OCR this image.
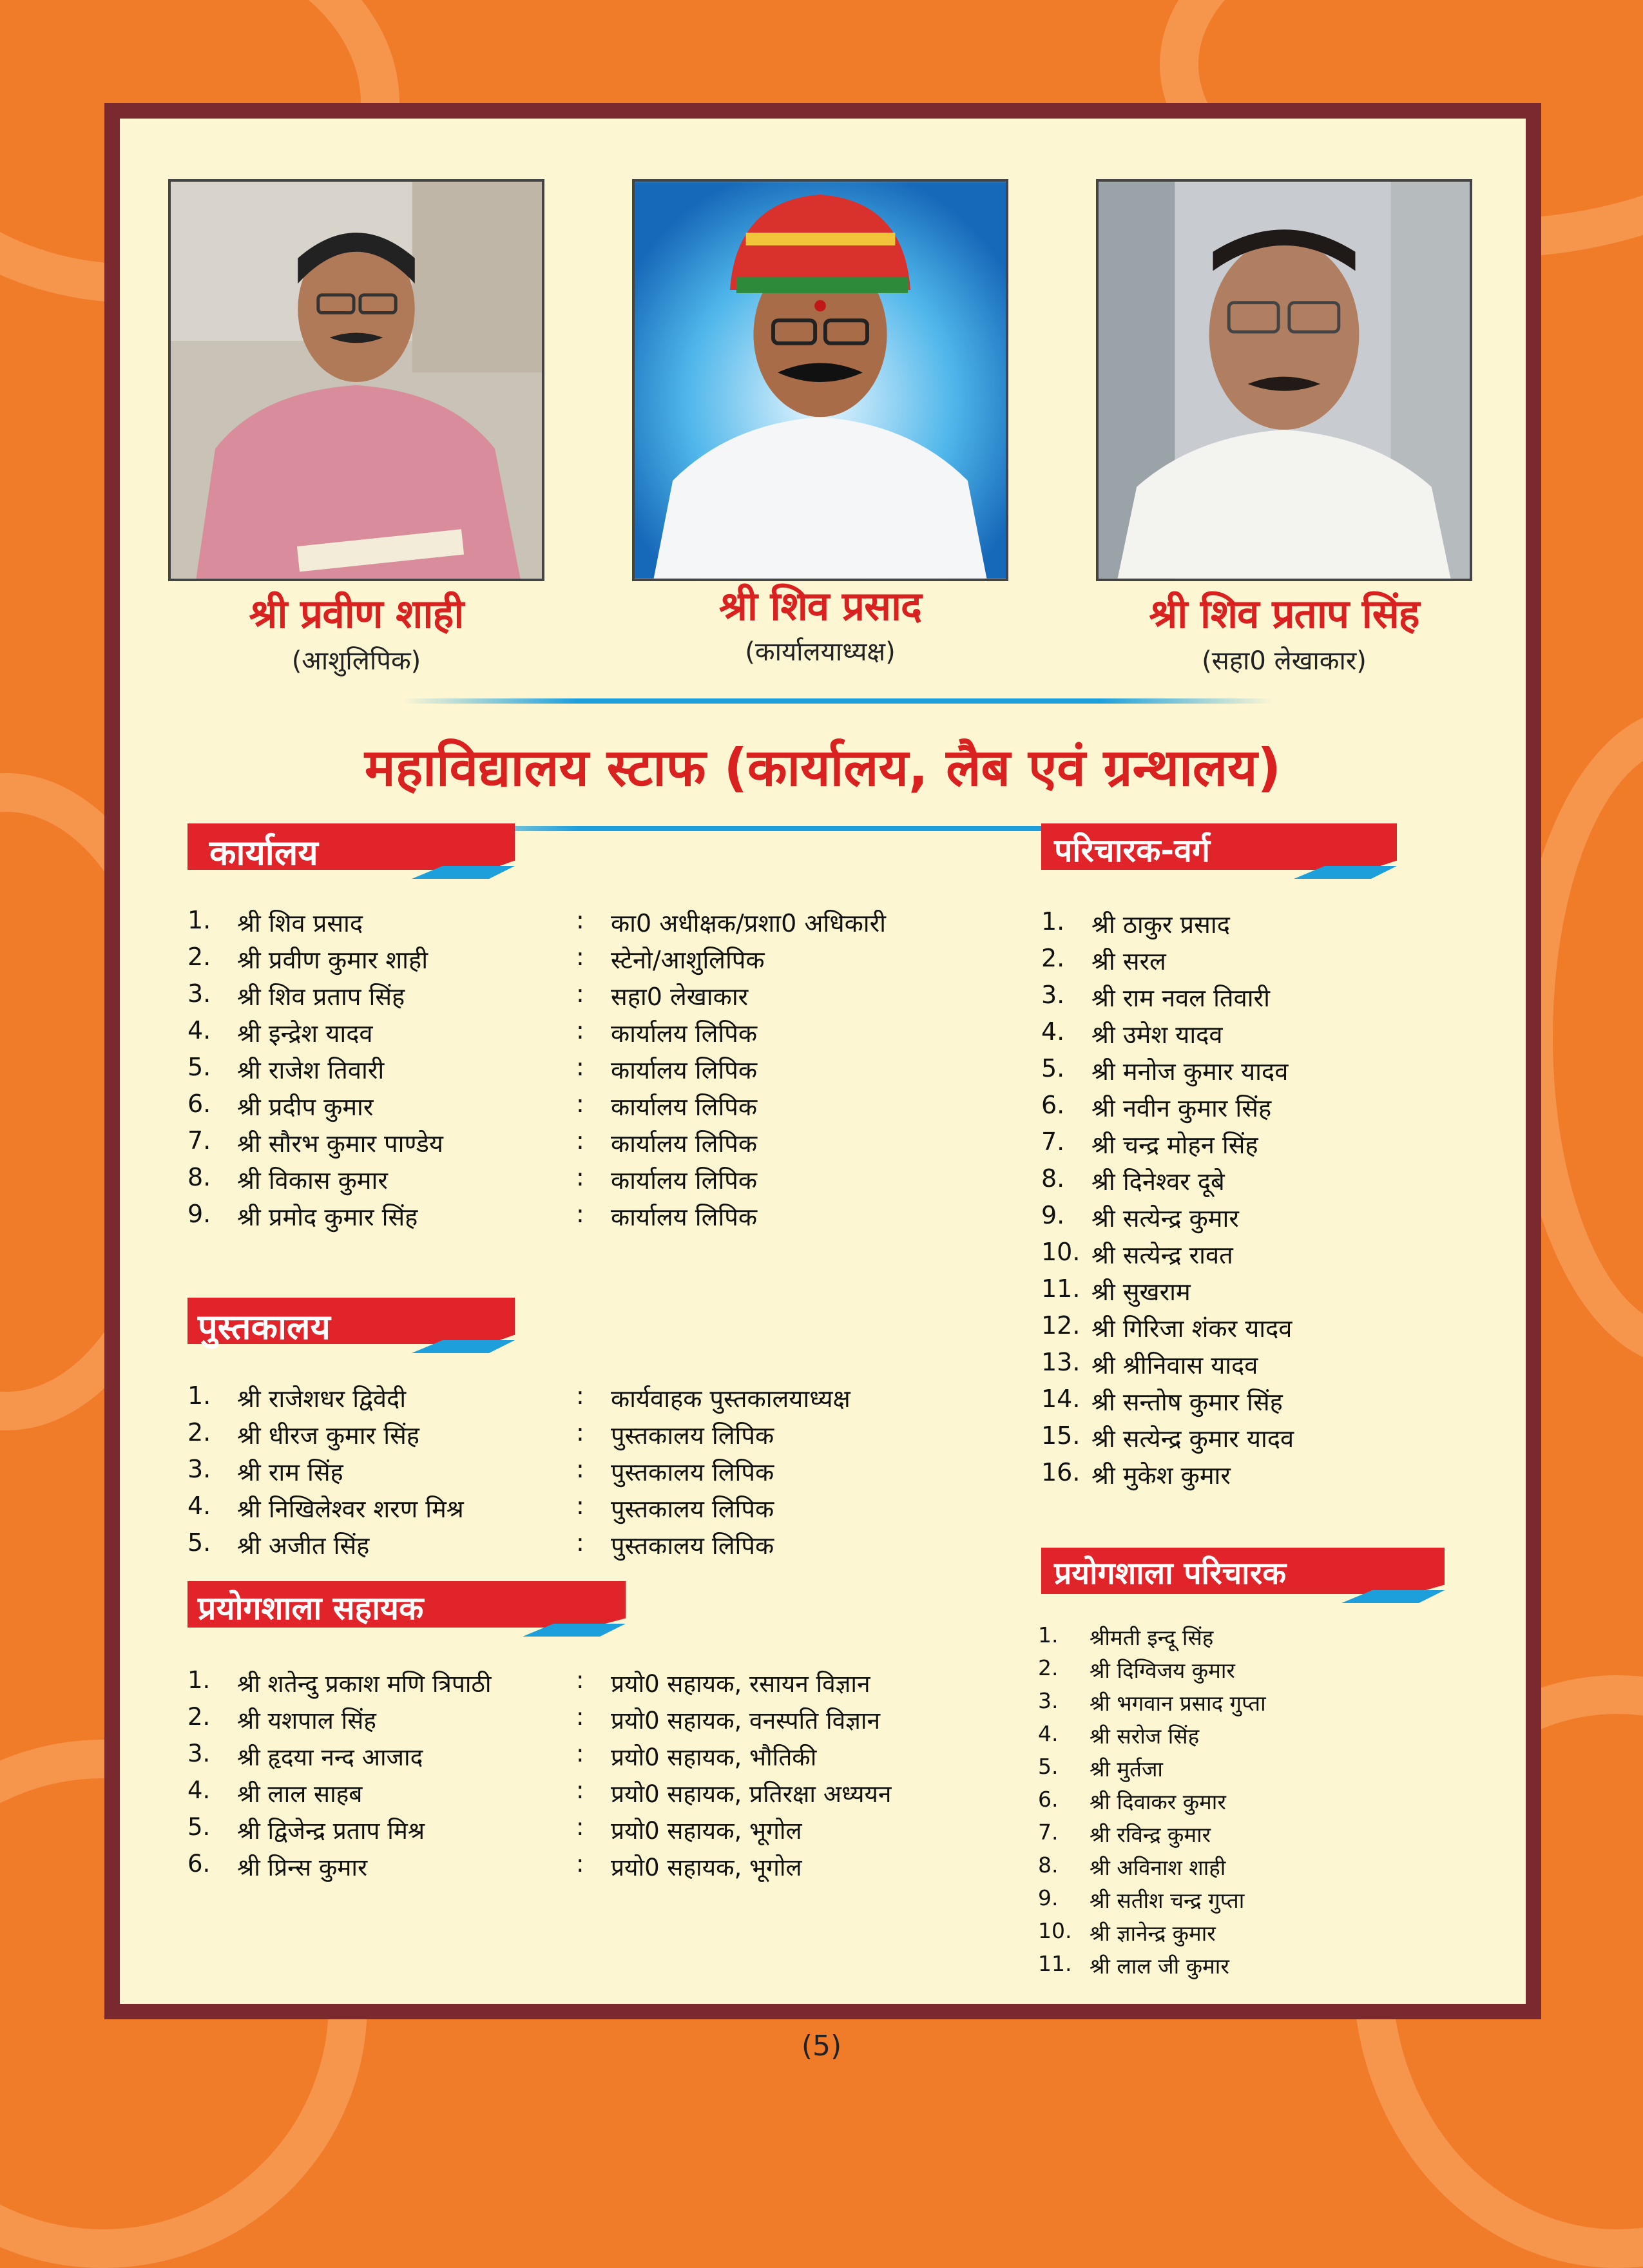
श्री प्रवीण शाही
(आशुलिपिक)
श्री शिव प्रसाद
(कार्यालयाध्यक्ष)
श्री शिव प्रताप सिंह
(सहा0 लेखाकार)
महाविद्यालय स्टाफ (कार्यालय, लैब एवं ग्रन्थालय)
कार्यालय
पुस्तकालय
प्रयोगशाला सहायक
परिचारक-वर्ग
प्रयोगशाला परिचारक
1. श्री शिव प्रसाद	: का0 अधीक्षक/प्रशा0 अधिकारी
2. श्री प्रवीण कुमार शाही	: स्टेनो/आशुलिपिक
3. श्री शिव प्रताप सिंह	: सहा0 लेखाकार
4. श्री इन्द्रेश यादव	: कार्यालय लिपिक
5. श्री राजेश तिवारी	: कार्यालय लिपिक
6. श्री प्रदीप कुमार	: कार्यालय लिपिक
7. श्री सौरभ कुमार पाण्डेय	: कार्यालय लिपिक
8. श्री विकास कुमार	: कार्यालय लिपिक
9. श्री प्रमोद कुमार सिंह	: कार्यालय लिपिक
1. श्री राजेशधर द्विवेदी	: कार्यवाहक पुस्तकालयाध्यक्ष
2. श्री धीरज कुमार सिंह	: पुस्तकालय लिपिक
3. श्री राम सिंह	: पुस्तकालय लिपिक
4. श्री निखिलेश्वर शरण मिश्र	: पुस्तकालय लिपिक
5. श्री अजीत सिंह	: पुस्तकालय लिपिक
1. श्री शतेन्दु प्रकाश मणि त्रिपाठी	: प्रयो0 सहायक, रसायन विज्ञान
2. श्री यशपाल सिंह	: प्रयो0 सहायक, वनस्पति विज्ञान
3. श्री हृदया नन्द आजाद	: प्रयो0 सहायक, भौतिकी
4. श्री लाल साहब	: प्रयो0 सहायक, प्रतिरक्षा अध्ययन
5. श्री द्विजेन्द्र प्रताप मिश्र	: प्रयो0 सहायक, भूगोल
6. श्री प्रिन्स कुमार	: प्रयो0 सहायक, भूगोल
1. श्री ठाकुर प्रसाद
2. श्री सरल
3. श्री राम नवल तिवारी
4. श्री उमेश यादव
5. श्री मनोज कुमार यादव
6. श्री नवीन कुमार सिंह
7. श्री चन्द्र मोहन सिंह
8. श्री दिनेश्वर दूबे
9. श्री सत्येन्द्र कुमार
10. श्री सत्येन्द्र रावत
11. श्री सुखराम
12. श्री गिरिजा शंकर यादव
13. श्री श्रीनिवास यादव
14. श्री सन्तोष कुमार सिंह
15. श्री सत्येन्द्र कुमार यादव
16. श्री मुकेश कुमार
1. श्रीमती इन्दू सिंह
2. श्री दिग्विजय कुमार
3. श्री भगवान प्रसाद गुप्ता
4. श्री सरोज सिंह
5. श्री मुर्तजा
6. श्री दिवाकर कुमार
7. श्री रविन्द्र कुमार
8. श्री अविनाश शाही
9. श्री सतीश चन्द्र गुप्ता
10. श्री ज्ञानेन्द्र कुमार
11. श्री लाल जी कुमार
(5)
